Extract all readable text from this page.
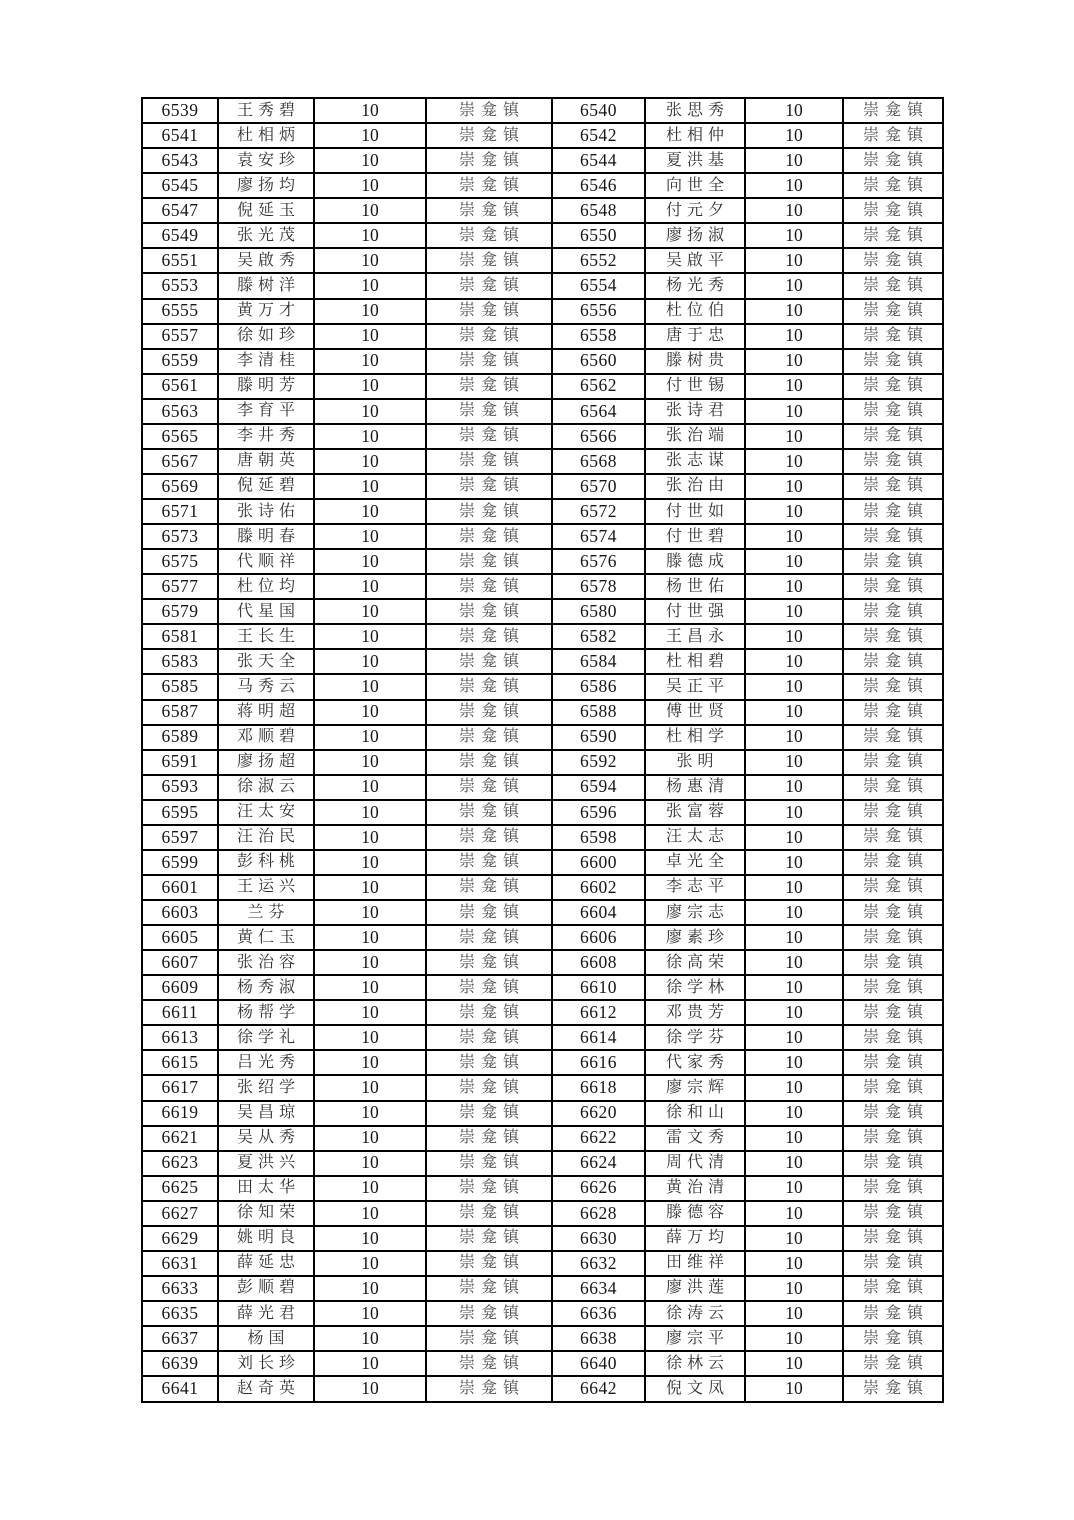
6539	王秀碧	10	崇龛镇	6540	张思秀	10	崇龛镇
6541	杜相炳	10	崇龛镇	6542	杜相仲	10	崇龛镇
6543	袁安珍	10	崇龛镇	6544	夏洪基	10	崇龛镇
6545	廖扬均	10	崇龛镇	6546	向世全	10	崇龛镇
6547	倪延玉	10	崇龛镇	6548	付元夕	10	崇龛镇
6549	张光茂	10	崇龛镇	6550	廖扬淑	10	崇龛镇
6551	吴啟秀	10	崇龛镇	6552	吴啟平	10	崇龛镇
6553	滕树洋	10	崇龛镇	6554	杨光秀	10	崇龛镇
6555	黄万才	10	崇龛镇	6556	杜位伯	10	崇龛镇
6557	徐如珍	10	崇龛镇	6558	唐于忠	10	崇龛镇
6559	李清桂	10	崇龛镇	6560	滕树贵	10	崇龛镇
6561	滕明芳	10	崇龛镇	6562	付世锡	10	崇龛镇
6563	李育平	10	崇龛镇	6564	张诗君	10	崇龛镇
6565	李井秀	10	崇龛镇	6566	张治端	10	崇龛镇
6567	唐朝英	10	崇龛镇	6568	张志谋	10	崇龛镇
6569	倪延碧	10	崇龛镇	6570	张治由	10	崇龛镇
6571	张诗佑	10	崇龛镇	6572	付世如	10	崇龛镇
6573	滕明春	10	崇龛镇	6574	付世碧	10	崇龛镇
6575	代顺祥	10	崇龛镇	6576	滕德成	10	崇龛镇
6577	杜位均	10	崇龛镇	6578	杨世佑	10	崇龛镇
6579	代星国	10	崇龛镇	6580	付世强	10	崇龛镇
6581	王长生	10	崇龛镇	6582	王昌永	10	崇龛镇
6583	张天全	10	崇龛镇	6584	杜相碧	10	崇龛镇
6585	马秀云	10	崇龛镇	6586	吴正平	10	崇龛镇
6587	蒋明超	10	崇龛镇	6588	傅世贤	10	崇龛镇
6589	邓顺碧	10	崇龛镇	6590	杜相学	10	崇龛镇
6591	廖扬超	10	崇龛镇	6592	张明	10	崇龛镇
6593	徐淑云	10	崇龛镇	6594	杨惠清	10	崇龛镇
6595	汪太安	10	崇龛镇	6596	张富蓉	10	崇龛镇
6597	汪治民	10	崇龛镇	6598	汪太志	10	崇龛镇
6599	彭科桃	10	崇龛镇	6600	卓光全	10	崇龛镇
6601	王运兴	10	崇龛镇	6602	李志平	10	崇龛镇
6603	兰芬	10	崇龛镇	6604	廖宗志	10	崇龛镇
6605	黄仁玉	10	崇龛镇	6606	廖素珍	10	崇龛镇
6607	张治容	10	崇龛镇	6608	徐高荣	10	崇龛镇
6609	杨秀淑	10	崇龛镇	6610	徐学林	10	崇龛镇
6611	杨帮学	10	崇龛镇	6612	邓贵芳	10	崇龛镇
6613	徐学礼	10	崇龛镇	6614	徐学芬	10	崇龛镇
6615	吕光秀	10	崇龛镇	6616	代家秀	10	崇龛镇
6617	张绍学	10	崇龛镇	6618	廖宗辉	10	崇龛镇
6619	吴昌琼	10	崇龛镇	6620	徐和山	10	崇龛镇
6621	吴从秀	10	崇龛镇	6622	雷文秀	10	崇龛镇
6623	夏洪兴	10	崇龛镇	6624	周代清	10	崇龛镇
6625	田太华	10	崇龛镇	6626	黄治清	10	崇龛镇
6627	徐知荣	10	崇龛镇	6628	滕德容	10	崇龛镇
6629	姚明良	10	崇龛镇	6630	薛万均	10	崇龛镇
6631	薛延忠	10	崇龛镇	6632	田维祥	10	崇龛镇
6633	彭顺碧	10	崇龛镇	6634	廖洪莲	10	崇龛镇
6635	薛光君	10	崇龛镇	6636	徐涛云	10	崇龛镇
6637	杨国	10	崇龛镇	6638	廖宗平	10	崇龛镇
6639	刘长珍	10	崇龛镇	6640	徐林云	10	崇龛镇
6641	赵奇英	10	崇龛镇	6642	倪文凤	10	崇龛镇
